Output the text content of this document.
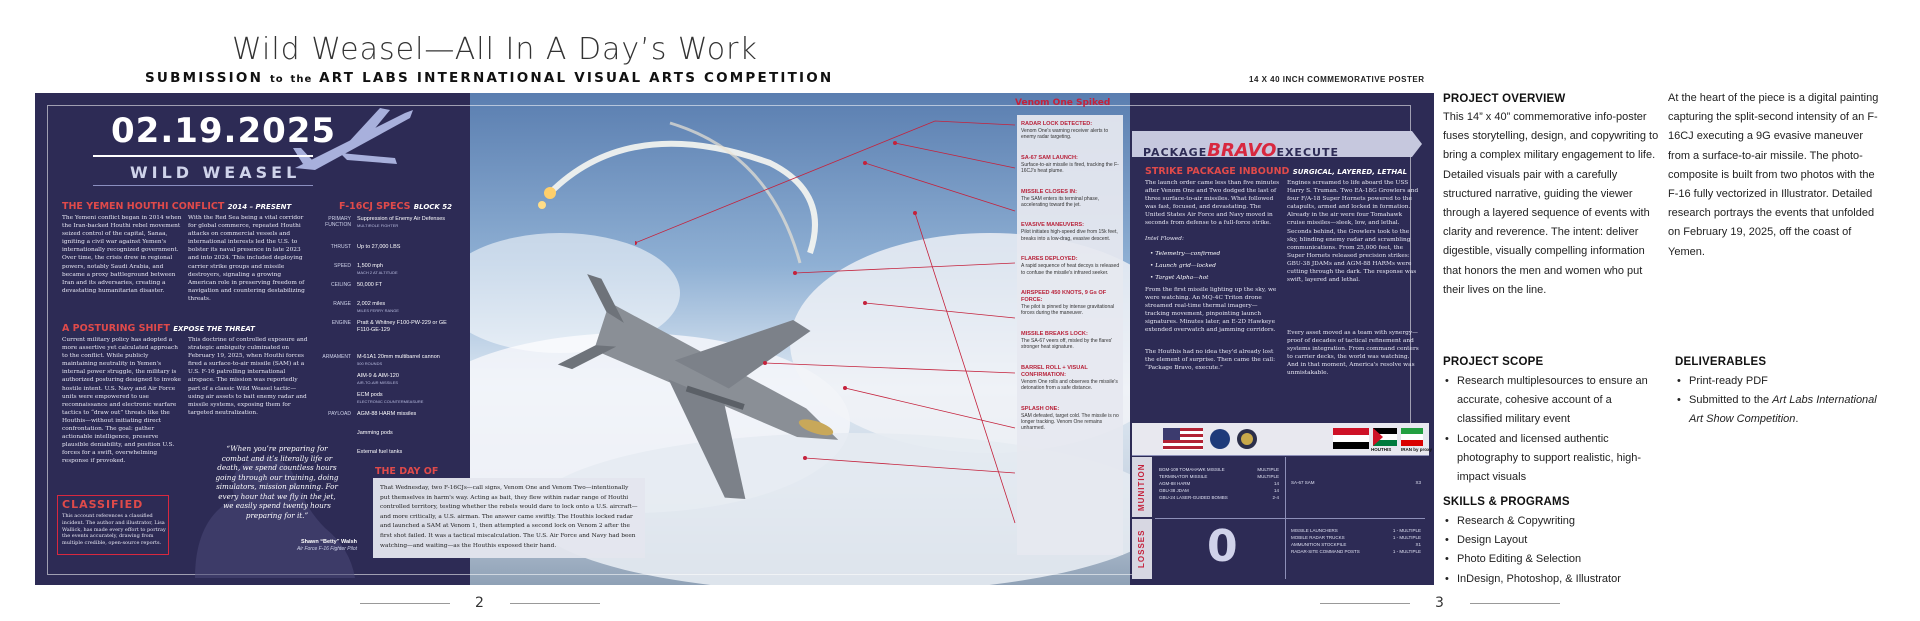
Wild Weasel—All In A Day’s Work
SUBMISSION to the ART LABS INTERNATIONAL VISUAL ARTS COMPETITION	14 X 40 INCH COMMEMORATIVE POSTER
02.19.2025
WILD WEASEL
THE YEMEN HOUTHI CONFLICT 2014 – PRESENT
The Yemeni conflict began in 2014 when the Iran-backed Houthi rebel movement seized control of the capital, Sanaa, igniting a civil war against Yemen's internationally recognized government. Over time, the crisis drew in regional powers, notably Saudi Arabia, and became a proxy battleground between Iran and its adversaries, creating a devastating humanitarian disaster.
With the Red Sea being a vital corridor for global commerce, repeated Houthi attacks on commercial vessels and international interests led the U.S. to bolster its naval presence in late 2023 and into 2024. This included deploying carrier strike groups and missile destroyers, signaling a growing American role in preserving freedom of navigation and countering destabilizing threats.
A POSTURING SHIFT EXPOSE THE THREAT
Current military policy has adopted a more assertive yet calculated approach to the conflict. While publicly maintaining neutrality in Yemen's internal power struggle, the military is authorized posturing designed to invoke hostile intent. U.S. Navy and Air Force units were empowered to use reconnaissance and electronic warfare tactics to “draw out” threats like the Houthis—without initiating direct confrontation. The goal: gather actionable intelligence, preserve plausible deniability, and position U.S. forces for a swift, overwhelming response if provoked.
This doctrine of controlled exposure and strategic ambiguity culminated on February 19, 2025, when Houthi forces fired a surface-to-air missile (SAM) at a U.S. F-16 patrolling international airspace. The mission was reportedly part of a classic Wild Weasel tactic—using air assets to bait enemy radar and missile systems, exposing them for targeted neutralization.
“When you’re preparing for combat and it’s literally life or death, we spend countless hours going through our training, doing simulators, mission planning. For every hour that we fly in the jet, we easily spend twenty hours preparing for it.”
Shawn “Betty” Walsh
Air Force F-16 Fighter Pilot
CLASSIFIED
This account references a classified incident. The author and illustrator, Lisa Wallick, has made every effort to portray the events accurately, drawing from multiple credible, open-source reports.
F-16CJ SPECS BLOCK 52
PRIMARY FUNCTION
Suppression of Enemy Air Defenses
MULTIROLE FIGHTER
THRUST Up to 27,000 LBS
SPEED 1,500 mph
MACH 2 AT ALTITUDE
CEILING 50,000 FT
RANGE 2,002 miles
MILES FERRY RANGE
ENGINE Pratt & Whitney F100-PW-229 or GE F110-GE-129
ARMAMENT M-61A1 20mm multibarrel cannon
500 ROUNDS
AIM-9 & AIM-120
AIR-TO-AIR MISSILES
ECM pods
ELECTRONIC COUNTERMEASURE
PAYLOAD AGM-88 HARM missiles
Jamming pods
External fuel tanks
THE DAY OF
That Wednesday, two F-16CJs—call signs, Venom One and Venom Two—intentionally put themselves in harm's way. Acting as bait, they flew within radar range of Houthi controlled territory, testing whether the rebels would dare to lock onto a U.S. aircraft—and more critically, a U.S. airman. The answer came swiftly. The Houthis locked radar and launched a SAM at Venom 1, then attempted a second lock on Venom 2 after the first shot failed. It was a tactical miscalculation. The U.S. Air Force and Navy had been watching—and waiting—as the Houthis exposed their hand.
Venom One Spiked
RADAR LOCK DETECTED:
Venom One's warning receiver alerts to enemy radar targeting.
SA-67 SAM LAUNCH:
Surface-to-air missile is fired, tracking the F-16CJ's heat plume.
MISSILE CLOSES IN:
The SAM enters its terminal phase, accelerating toward the jet.
EVASIVE MANEUVERS:
Pilot initiates high-speed dive from 15k feet, breaks into a low-drag, evasive descent.
FLARES DEPLOYED:
A rapid sequence of heat decoys is released to confuse the missile's infrared seeker.
AIRSPEED 450 KNOTS, 9 Gs OF FORCE:
The pilot is pinned by intense gravitational forces during the maneuver.
MISSILE BREAKS LOCK:
The SA-67 veers off, misled by the flares' stronger heat signature.
BARREL ROLL + VISUAL CONFIRMATION:
Venom One rolls and observes the missile's detonation from a safe distance.
SPLASH ONE:
SAM defeated, target cold. The missile is no longer tracking. Venom One remains unharmed.
PACKAGEBRAVOEXECUTE
STRIKE PACKAGE INBOUND SURGICAL, LAYERED, LETHAL
The launch order came less than five minutes after Venom One and Two dodged the last of three surface-to-air missiles. What followed was fast, focused, and devastating. The United States Air Force and Navy moved in seconds from defense to a full-force strike.
Intel Flowed:
• Telemetry—confirmed
• Launch grid—locked
• Target Alpha—hot
From the first missile lighting up the sky, we were watching. An MQ-4C Triton drone streamed real-time thermal imagery—tracking movement, pinpointing launch signatures. Minutes later, an E-2D Hawkeye extended overwatch and jamming corridors.
The Houthis had no idea they'd already lost the element of surprise. Then came the call: “Package Bravo, execute.”
Engines screamed to life aboard the USS Harry S. Truman. Two EA-18G Growlers and four F/A-18 Super Hornets powered to the catapults, armed and locked in formation. Already in the air were four Tomahawk cruise missiles—sleek, low, and lethal. Seconds behind, the Growlers took to the sky, blinding enemy radar and scrambling communications. From 25,000 feet, the Super Hornets released precision strikes: GBU-38 JDAMs and AGM-88 HARMs were cutting through the dark. The response was swift, layered and lethal.
Every asset moved as a team with synergy—proof of decades of tactical refinement and systems integration. From command centers to carrier decks, the world was watching. And in that moment, America's resolve was unmistakable.
HOUTHIS IRAN by proxy
MUNITION
LOSSES
BGM-109 TOMAHAWK MISSILE	MULTIPLE
TERMINATOR MISSILE	MULTIPLE
AGM-88 HARM	14
GBU-38 JDAM	14
GBU-24 LASER-GUIDED BOMBS	2-4
SA-67 SAM	X3
0	MISSILE LAUNCHERS	1 - MULTIPLE
MOBILE RADAR TRUCKS	1 - MULTIPLE
AMMUNITION STOCKPILE	X1
RADAR-SITE COMMAND POSTS	1 - MULTIPLE
2	3
PROJECT OVERVIEW
This 14” x 40” commemorative info-poster fuses storytelling, design, and copywriting to bring a complex military engagement to life. Detailed visuals pair with a carefully structured narrative, guiding the viewer through a layered sequence of events with clarity and reverence. The intent: deliver digestible, visually compelling information that honors the men and women who put their lives on the line.
At the heart of the piece is a digital painting capturing the split-second intensity of an F-16CJ executing a 9G evasive maneuver from a surface-to-air missile. The photo-composite is built from two photos with the F-16 fully vectorized in Illustrator. Detailed research portrays the events that unfolded on February 19, 2025, off the coast of Yemen.
PROJECT SCOPE
• Research multiplesources to ensure an accurate, cohesive account of a classified military event
• Located and licensed authentic photography to support realistic, high-impact visuals
DELIVERABLES
• Print-ready PDF
• Submitted to the Art Labs International Art Show Competition.
SKILLS & PROGRAMS
• Research & Copywriting
• Design Layout
• Photo Editing & Selection
• InDesign, Photoshop, & Illustrator
